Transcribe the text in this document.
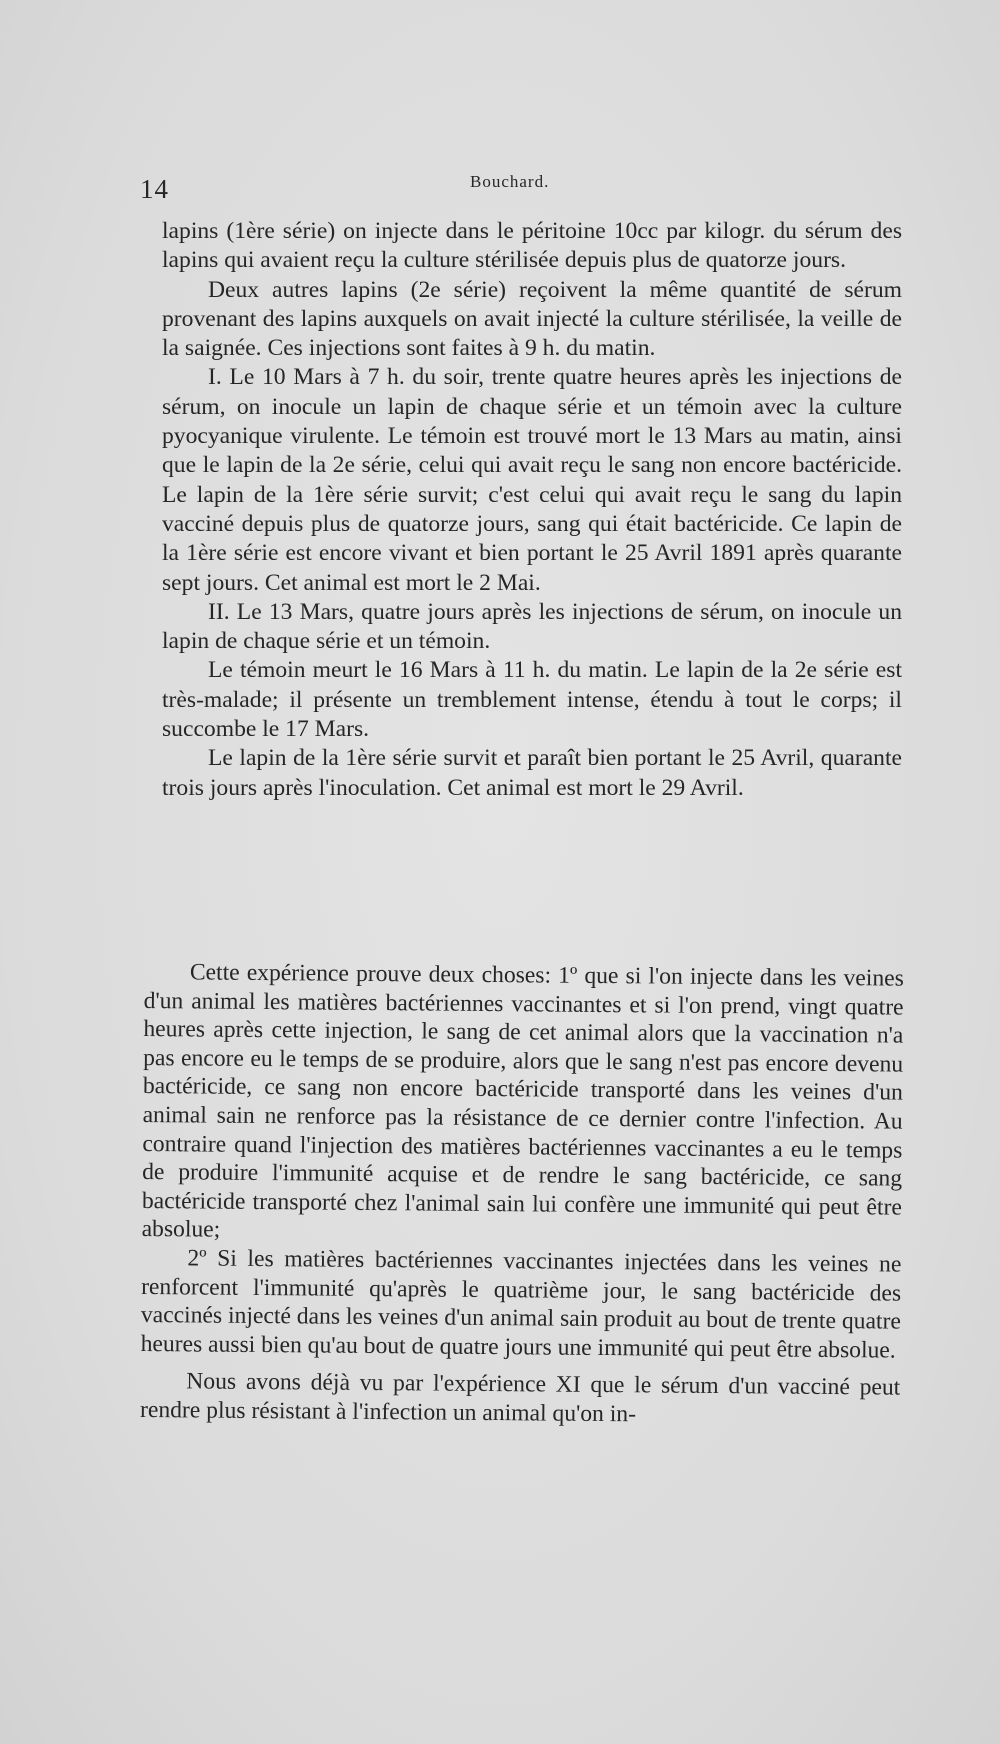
14	Bouchard.

lapins (1ère série) on injecte dans le péritoine 10cc par kilogr. du sérum des lapins qui avaient reçu la culture stérilisée depuis plus de quatorze jours.

Deux autres lapins (2e série) reçoivent la même quantité de sérum provenant des lapins auxquels on avait injecté la culture stérilisée, la veille de la saignée. Ces injections sont faites à 9 h. du matin.

I. Le 10 Mars à 7 h. du soir, trente quatre heures après les injections de sérum, on inocule un lapin de chaque série et un témoin avec la culture pyocyanique virulente. Le témoin est trouvé mort le 13 Mars au matin, ainsi que le lapin de la 2e série, celui qui avait reçu le sang non encore bactéricide. Le lapin de la 1ère série survit; c'est celui qui avait reçu le sang du lapin vacciné depuis plus de quatorze jours, sang qui était bactéricide. Ce lapin de la 1ère série est encore vivant et bien portant le 25 Avril 1891 après quarante sept jours. Cet animal est mort le 2 Mai.

II. Le 13 Mars, quatre jours après les injections de sérum, on inocule un lapin de chaque série et un témoin.

Le témoin meurt le 16 Mars à 11 h. du matin. Le lapin de la 2e série est très-malade; il présente un tremblement intense, étendu à tout le corps; il succombe le 17 Mars.

Le lapin de la 1ère série survit et paraît bien portant le 25 Avril, quarante trois jours après l'inoculation. Cet animal est mort le 29 Avril.

Cette expérience prouve deux choses: 1º que si l'on injecte dans les veines d'un animal les matières bactériennes vaccinantes et si l'on prend, vingt quatre heures après cette injection, le sang de cet animal alors que la vaccination n'a pas encore eu le temps de se produire, alors que le sang n'est pas encore devenu bactéricide, ce sang non encore bactéricide transporté dans les veines d'un animal sain ne renforce pas la résistance de ce dernier contre l'infection. Au contraire quand l'injection des matières bactériennes vaccinantes a eu le temps de produire l'immunité acquise et de rendre le sang bactéricide, ce sang bactéricide transporté chez l'animal sain lui confère une immunité qui peut être absolue;

2º Si les matières bactériennes vaccinantes injectées dans les veines ne renforcent l'immunité qu'après le quatrième jour, le sang bactéricide des vaccinés injecté dans les veines d'un animal sain produit au bout de trente quatre heures aussi bien qu'au bout de quatre jours une immunité qui peut être absolue.

Nous avons déjà vu par l'expérience XI que le sérum d'un vacciné peut rendre plus résistant à l'infection un animal qu'on in-
